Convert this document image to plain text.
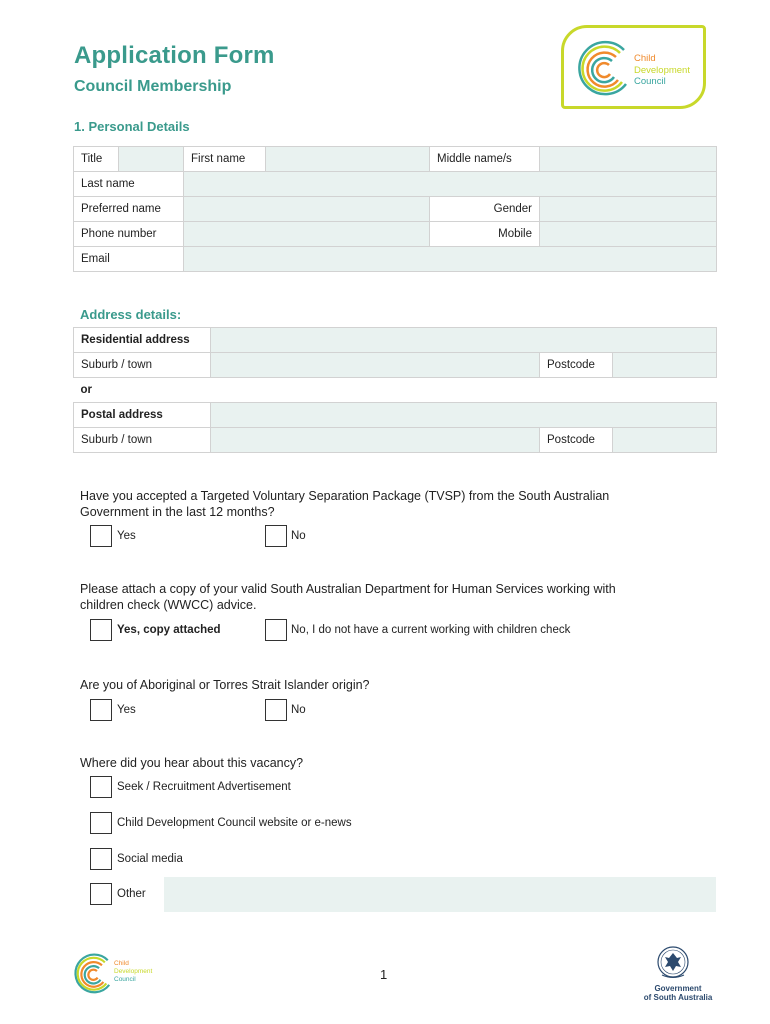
Application Form
Council Membership
Child
Development
Council
1. Personal Details
Title		First name		Middle name/s	
Last name					
Preferred name				Gender	
Phone number				Mobile	
Email					
Address details:
Residential address			
Suburb / town		Postcode	
or			
Postal address			
Suburb / town		Postcode	
Have you accepted a Targeted Voluntary Separation Package (TVSP) from the South Australian
Government in the last 12 months?
Yes	No
Please attach a copy of your valid South Australian Department for Human Services working with
children check (WWCC) advice.
Yes, copy attached	No, I do not have a current working with children check
Are you of Aboriginal or Torres Strait Islander origin?
Yes	No
Where did you hear about this vacancy?
Seek / Recruitment Advertisement
Child Development Council website or e-news
Social media
Other
Child
Development
Council	1
Government
of South Australia
